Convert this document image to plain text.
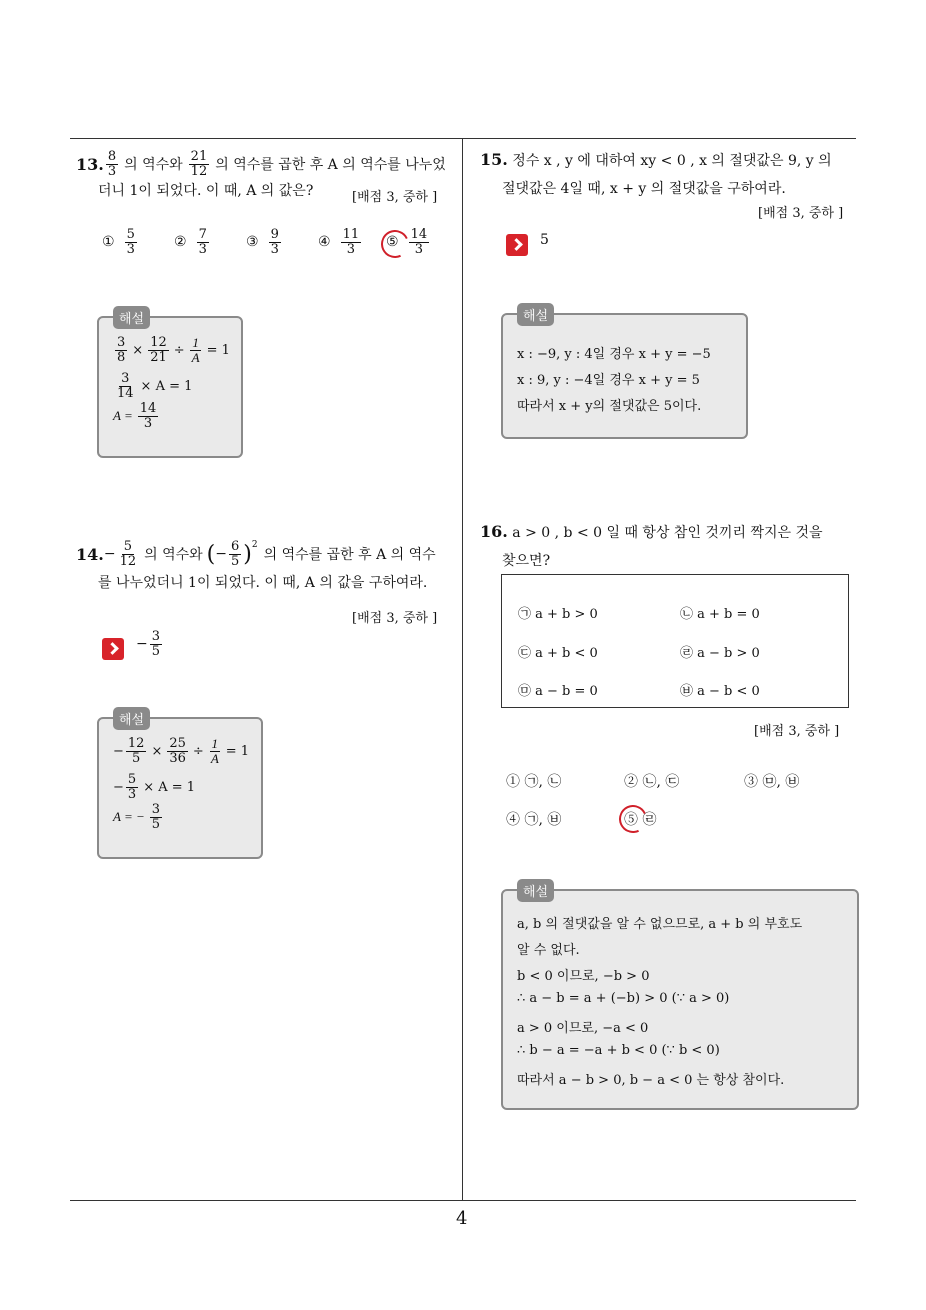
13. $\frac{8}{3}$ 의 역수와 $\frac{21}{12}$ 의 역수를 곱한 후 A 의 역수를 나누었
더니 1이 되었다. 이 때, A 의 값은?	[배점 3, 중하 ]
① $\frac{5}{3}$	② $\frac{7}{3}$	③ $\frac{9}{3}$	④ $\frac{11}{3}$ ⑤ $\frac{14}{3}$
해설
$\frac{3}{8} \times \frac{12}{21} \div \frac{1}{A} = 1$
$\frac{3}{14} \times A = 1$
$A = \frac{14}{3}$
14. − $\frac{5}{12}$ 의 역수와 ( − $\frac{6}{5} )^2$
의 역수를 곱한 후 A 의 역수
를 나누었더니 1이 되었다. 이 때, A 의 값을 구하여라.
[배점 3, 중하 ]
− $\frac{3}{5}$
해설
− $\frac{12}{5} \times \frac{25}{36} \div \frac{1}{A} = 1$
− $\frac{5}{3} \times A = 1$
A = − $\frac{3}{5}$
15. 정수 x , y 에 대하여 xy < 0 , x 의 절댓값은 9, y 의
절댓값은 4일 때, x + y 의 절댓값을 구하여라.
[배점 3, 중하 ]
5
해설
x : −9, y : 4일 경우 x + y = −5
x : 9, y : −4일 경우 x + y = 5
따라서 x + y의 절댓값은 5이다.
16. a > 0 , b < 0 일 때 항상 참인 것끼리 짝지은 것을
찾으면?
㉠ a + b > 0	㉡ a + b = 0
㉢ a + b < 0	㉣ a − b > 0
㉤ a − b = 0	㉥ a − b < 0
[배점 3, 중하 ]
① ㉠, ㉡	② ㉡, ㉢	③ ㉤, ㉥
④ ㉠, ㉥	⑤ ㉣
해설
a, b 의 절댓값을 알 수 없으므로, a + b 의 부호도
알 수 없다.
b < 0 이므로, −b > 0
∴ a − b = a + (−b) > 0 (∵ a > 0)
a > 0 이므로, −a < 0
∴ b − a = −a + b < 0 (∵ b < 0)
따라서 a − b > 0, b − a < 0 는 항상 참이다.
4
